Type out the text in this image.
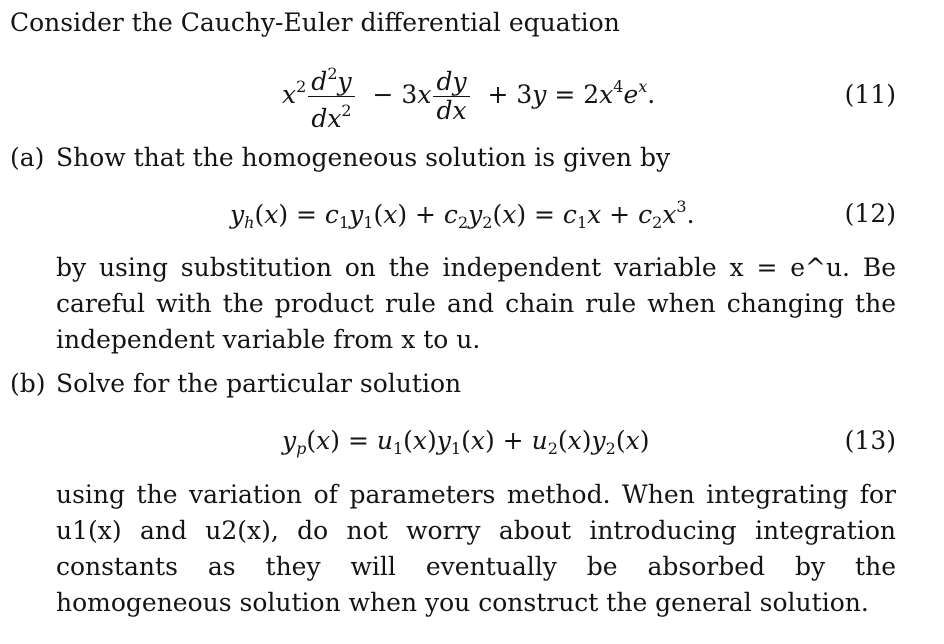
Consider the Cauchy-Euler differential equation
$x^2 \frac{d^2y}{dx^2} - 3x \frac{dy}{dx} + 3y = 2x^4e^x$.	(11)
(a) Show that the homogeneous solution is given by
$y_h(x) = c_1y_1(x) + c_2y_2(x) = c_1x + c_2x^3$.	(12)
by using substitution on the independent variable x = e^u. Be careful with the product rule and chain rule when changing the independent variable from x to u.
(b) Solve for the particular solution
$y_p(x) = u_1(x)y_1(x) + u_2(x)y_2(x)$	(13)
using the variation of parameters method. When integrating for u1(x) and u2(x), do not worry about introducing integration constants as they will eventually be absorbed by the homogeneous solution when you construct the general solution.
